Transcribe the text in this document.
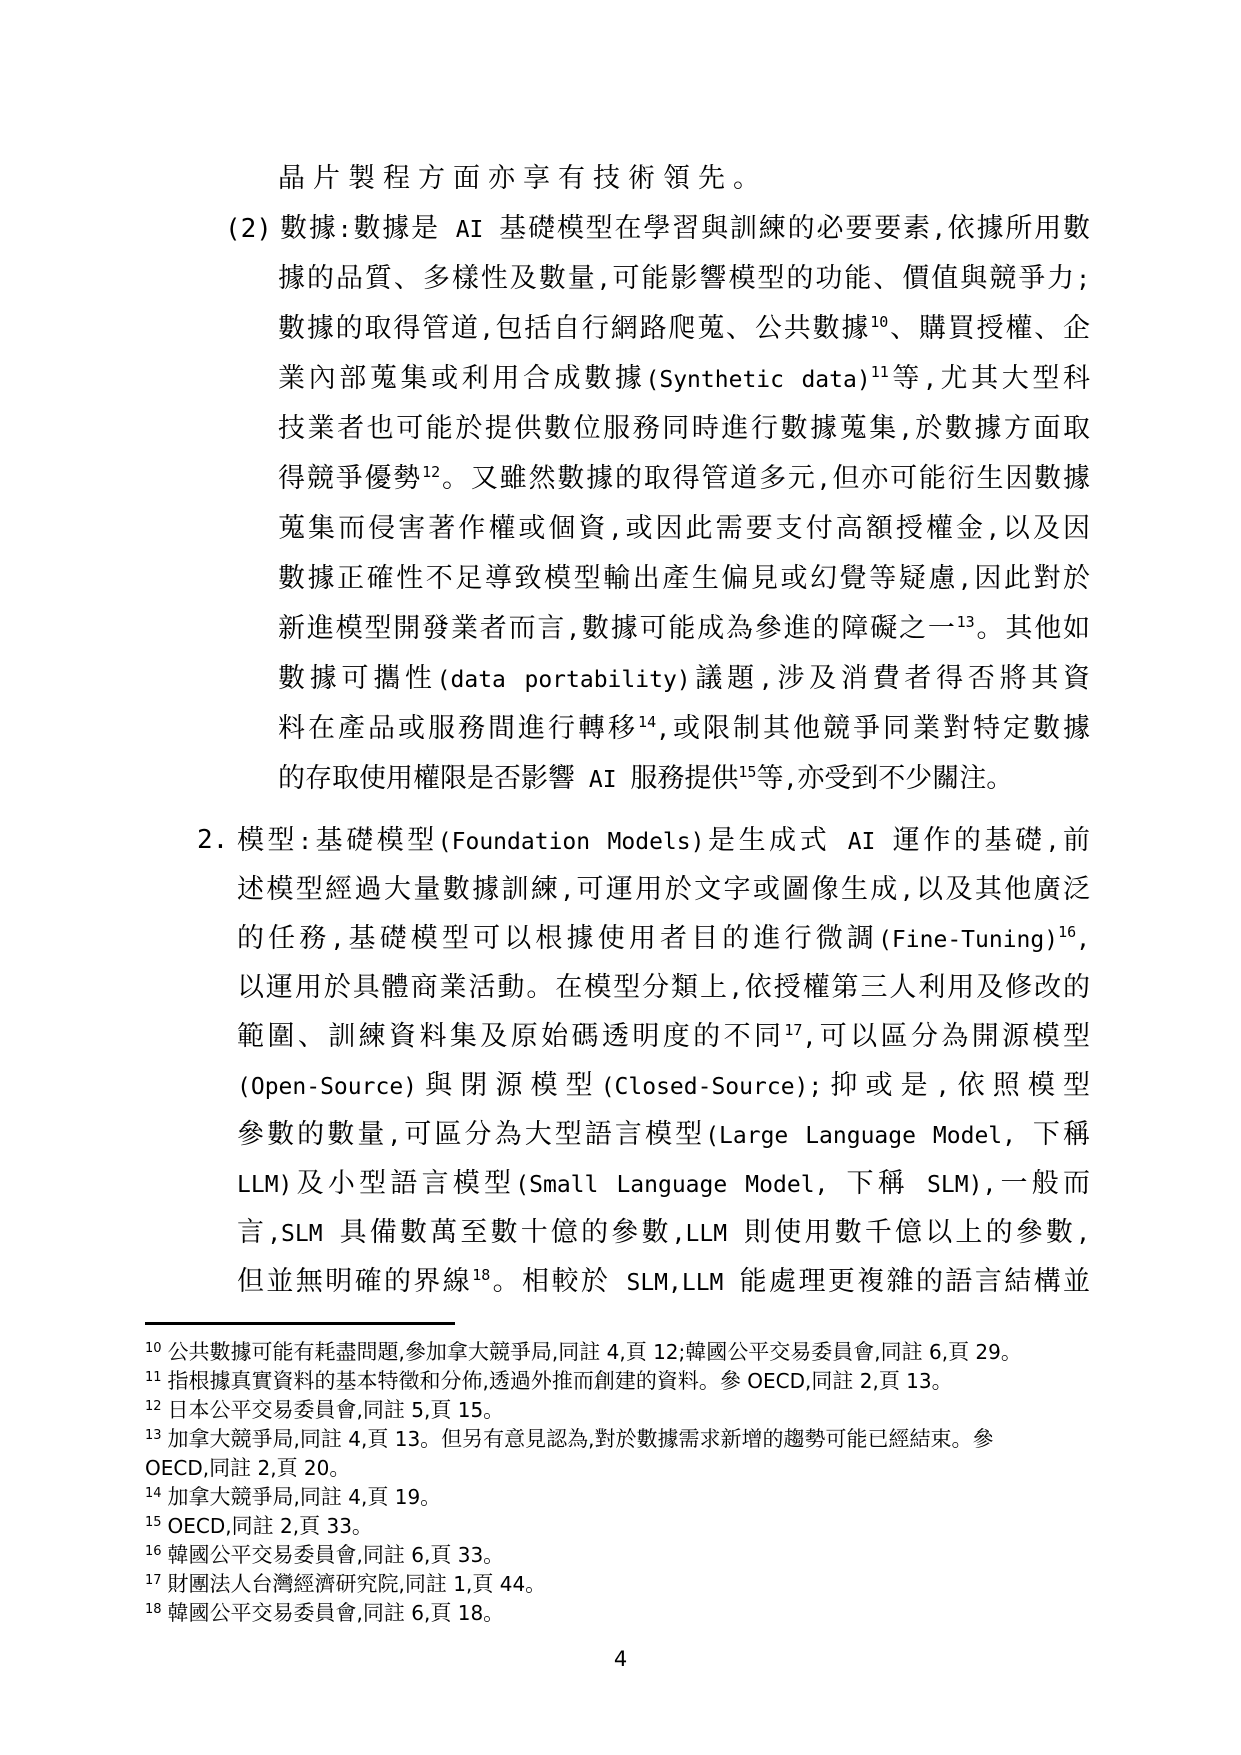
晶片製程方面亦享有技術領先。
(2) 數據:數據是 AI 基礎模型在學習與訓練的必要要素,依據所用數
據的品質、多樣性及數量,可能影響模型的功能、價值與競爭力;
數據的取得管道,包括自行網路爬蒐、公共數據$^{10}$、購買授權、企
業內部蒐集或利用合成數據(Synthetic data)$^{11}$等,尤其大型科
技業者也可能於提供數位服務同時進行數據蒐集,於數據方面取
得競爭優勢$^{12}$。又雖然數據的取得管道多元,但亦可能衍生因數據
蒐集而侵害著作權或個資,或因此需要支付高額授權金,以及因
數據正確性不足導致模型輸出產生偏見或幻覺等疑慮,因此對於
新進模型開發業者而言,數據可能成為參進的障礙之一$^{13}$。其他如
數據可攜性(data portability)議題,涉及消費者得否將其資
料在產品或服務間進行轉移$^{14}$,或限制其他競爭同業對特定數據
的存取使用權限是否影響 AI 服務提供$^{15}$等,亦受到不少關注。
2. 模型:基礎模型(Foundation Models)是生成式 AI 運作的基礎,前
述模型經過大量數據訓練,可運用於文字或圖像生成,以及其他廣泛
的任務,基礎模型可以根據使用者目的進行微調(Fine-Tuning)$^{16}$,
以運用於具體商業活動。在模型分類上,依授權第三人利用及修改的
範圍、訓練資料集及原始碼透明度的不同$^{17}$,可以區分為開源模型
(Open-Source)與閉源模型(Closed-Source);抑或是,依照模型
參數的數量,可區分為大型語言模型(Large Language Model, 下稱
LLM)及小型語言模型(Small Language Model, 下稱 SLM),一般而
言,SLM 具備數萬至數十億的參數,LLM 則使用數千億以上的參數,
但並無明確的界線$^{18}$。相較於 SLM,LLM 能處理更複雜的語言結構並
$^{10}$ 公共數據可能有耗盡問題,參加拿大競爭局,同註 4,頁 12;韓國公平交易委員會,同註 6,頁 29。
$^{11}$ 指根據真實資料的基本特徵和分佈,透過外推而創建的資料。參 OECD,同註 2,頁 13。
$^{12}$ 日本公平交易委員會,同註 5,頁 15。
$^{13}$ 加拿大競爭局,同註 4,頁 13。但另有意見認為,對於數據需求新增的趨勢可能已經結束。參
OECD,同註 2,頁 20。
$^{14}$ 加拿大競爭局,同註 4,頁 19。
$^{15}$ OECD,同註 2,頁 33。
$^{16}$ 韓國公平交易委員會,同註 6,頁 33。
$^{17}$ 財團法人台灣經濟研究院,同註 1,頁 44。
$^{18}$ 韓國公平交易委員會,同註 6,頁 18。
4
